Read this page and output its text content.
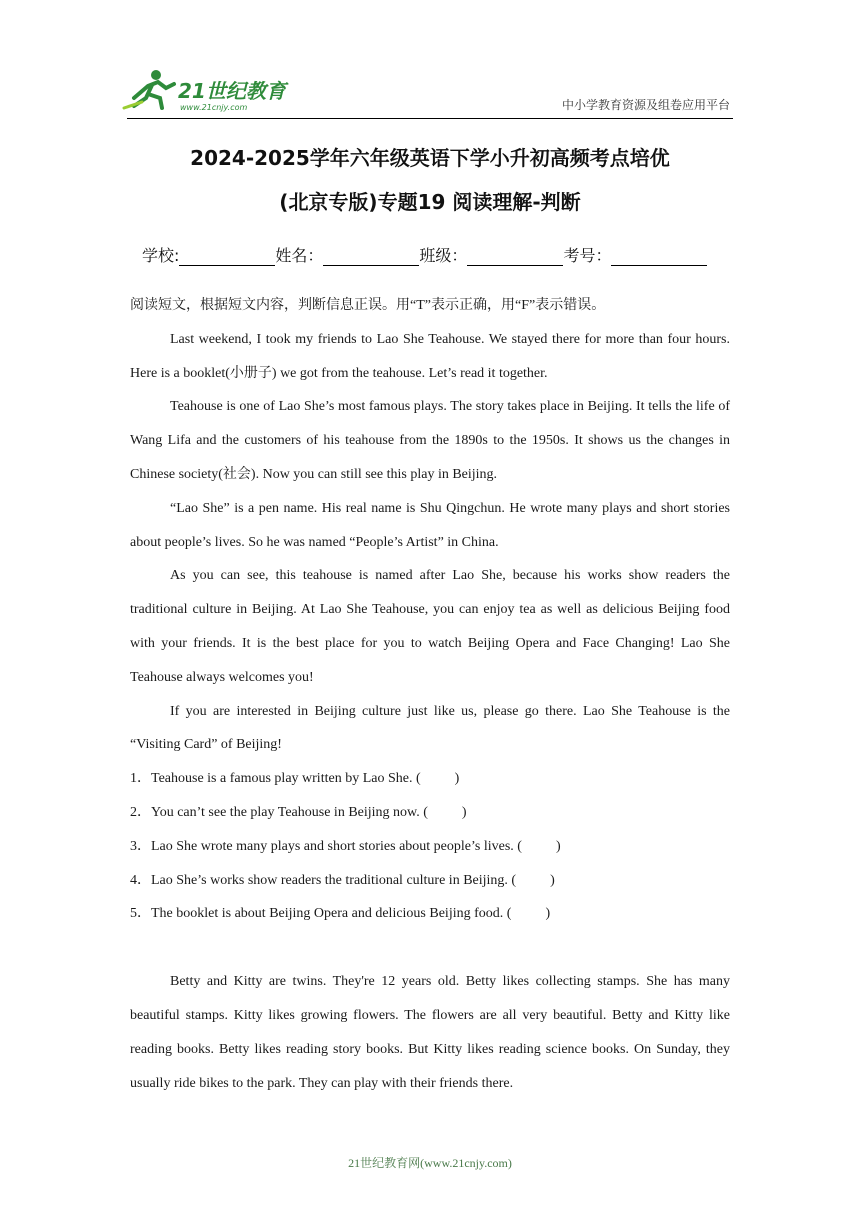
21世纪教育
www.21cnjy.com	中小学教育资源及组卷应用平台
2024-2025学年六年级英语下学小升初高频考点培优
(北京专版)专题19 阅读理解-判断
学校:	姓名：	班级：	考号：

阅读短文，根据短文内容，判断信息正误。用“T”表示正确，用“F”表示错误。

Last weekend, I took my friends to Lao She Teahouse. We stayed there for more than four hours. Here is a booklet(小册子) we got from the teahouse. Let’s read it together.

Teahouse is one of Lao She’s most famous plays. The story takes place in Beijing. It tells the life of Wang Lifa and the customers of his teahouse from the 1890s to the 1950s. It shows us the changes in Chinese society(社会). Now you can still see this play in Beijing.

“Lao She” is a pen name. His real name is Shu Qingchun. He wrote many plays and short stories about people’s lives. So he was named “People’s Artist” in China.

As you can see, this teahouse is named after Lao She, because his works show readers the traditional culture in Beijing. At Lao She Teahouse, you can enjoy tea as well as delicious Beijing food with your friends. It is the best place for you to watch Beijing Opera and Face Changing! Lao She Teahouse always welcomes you!

If you are interested in Beijing culture just like us, please go there. Lao She Teahouse is the “Visiting Card” of Beijing!

1．Teahouse is a famous play written by Lao She. ( )
2．You can’t see the play Teahouse in Beijing now. ( )
3．Lao She wrote many plays and short stories about people’s lives. ( )
4．Lao She’s works show readers the traditional culture in Beijing. ( )
5．The booklet is about Beijing Opera and delicious Beijing food. ( )

Betty and Kitty are twins. They're 12 years old. Betty likes collecting stamps. She has many beautiful stamps. Kitty likes growing flowers. The flowers are all very beautiful. Betty and Kitty like reading books. Betty likes reading story books. But Kitty likes reading science books. On Sunday, they usually ride bikes to the park. They can play with their friends there.

21世纪教育网(www.21cnjy.com)
